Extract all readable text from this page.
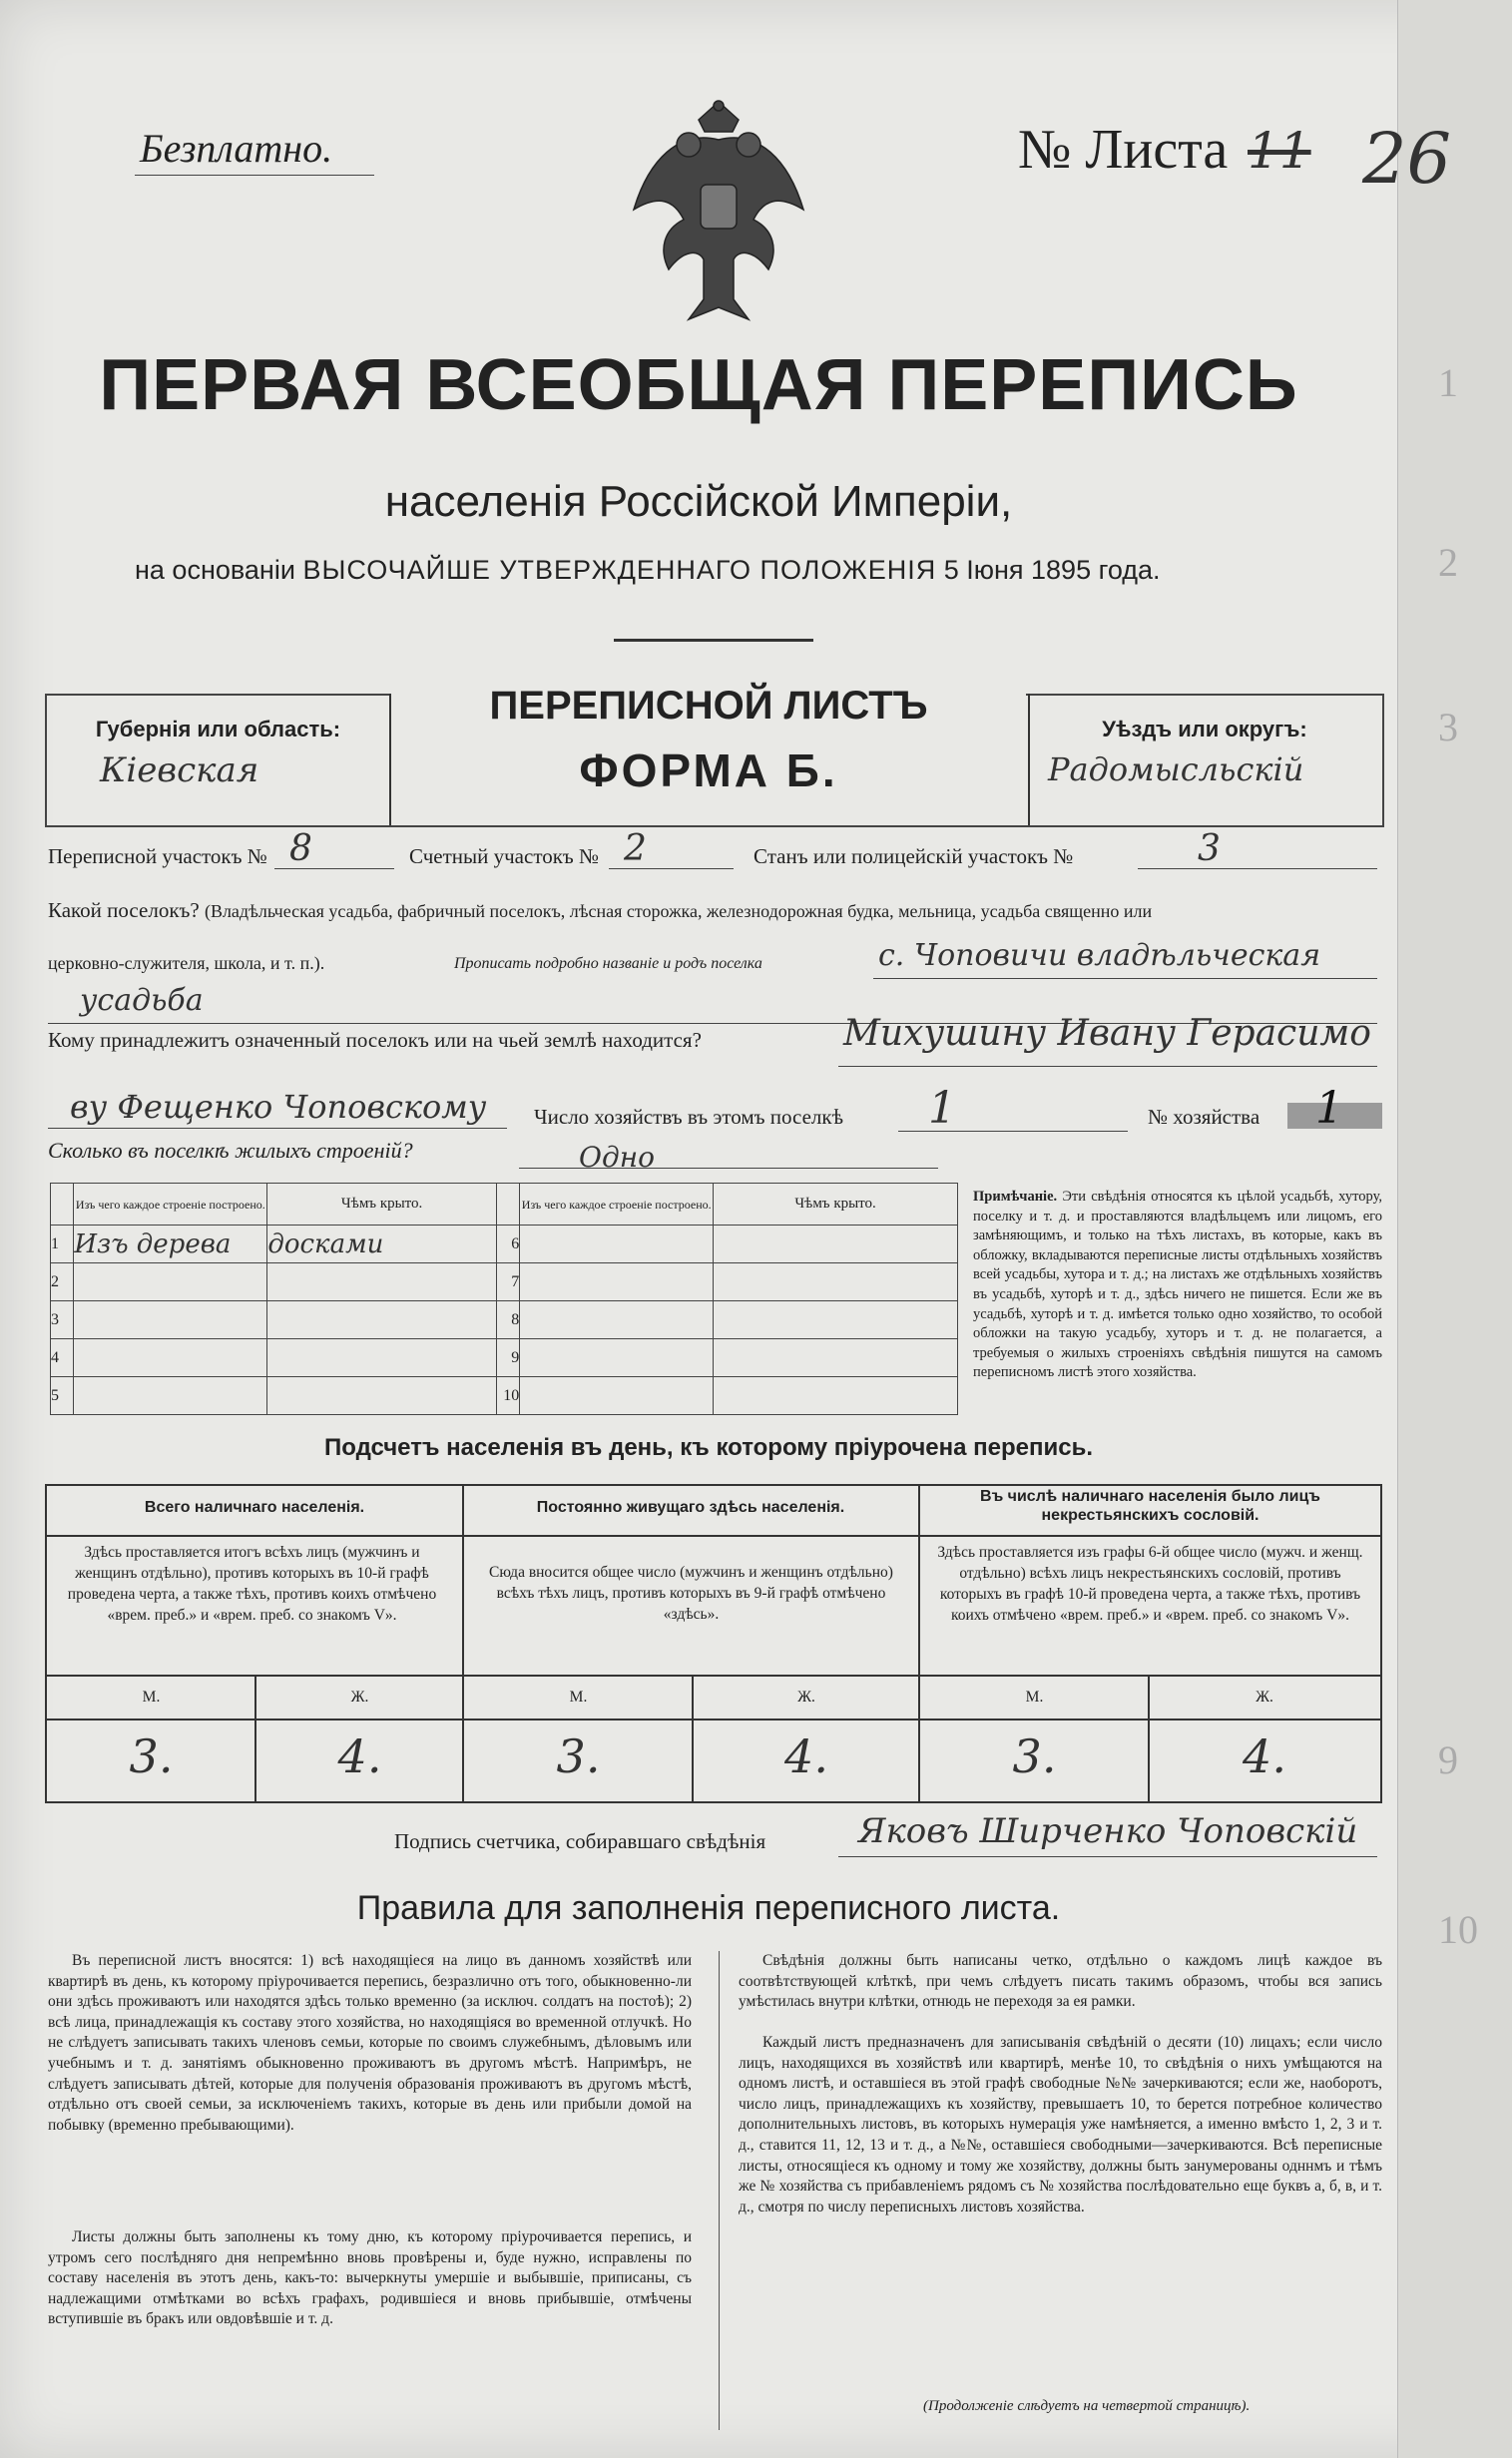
1
2
3
9
10
Безплатно.	№ Листа 11 26
ПЕРВАЯ ВСЕОБЩАЯ ПЕРЕПИСЬ
населенія Россійской Имперіи,
на основаніи ВЫСОЧАЙШЕ УТВЕРЖДЕННАГО ПОЛОЖЕНІЯ 5 Іюня 1895 года.
ПЕРЕПИСНОЙ ЛИСТЪ
ФОРМА Б.
Губернія или область:
Кіевская
Уѣздъ или округъ:
Радомысльскій
Переписной участокъ № 8	Счетный участокъ № 2	Станъ или полицейскій участокъ №	3
Какой поселокъ? (Владѣльческая усадьба, фабричный поселокъ, лѣсная сторожка, железнодорожная будка, мельница, усадьба священно или
церковно-служителя, школа, и т. п.).	Прописать подробно названіе и родъ поселка	с. Чоповичи владѣльческая
усадьба
Кому принадлежитъ означенный поселокъ или на чьей землѣ находится?	Михушину Ивану Герасимо
ву Фещенко Чоповскому Число хозяйствъ въ этомъ поселкѣ 1	№ хозяйства 1
Сколько въ поселкѣ жилыхъ строеній?	Одно
	Изъ чего каждое строеніе построено.	Чѣмъ крыто.		Изъ чего каждое строеніе построено.	Чѣмъ крыто.
1	Изъ дерева	досками	6		
2			7		
3			8		
4			9		
5			10		
Примѣчаніе. Эти свѣдѣнія относятся къ цѣлой усадьбѣ, хутору, поселку и т. д. и проставляются владѣльцемъ или лицомъ, его замѣняющимъ, и только на тѣхъ листахъ, въ которые, какъ въ обложку, вкладываются переписные листы отдѣльныхъ хозяйствъ всей усадьбы, хутора и т. д.; на листахъ же отдѣльныхъ хозяйствъ въ усадьбѣ, хуторѣ и т. д., здѣсь ничего не пишется. Если же въ усадьбѣ, хуторѣ и т. д. имѣется только одно хозяйство, то особой обложки на такую усадьбу, хуторъ и т. д. не полагается, а требуемыя о жилыхъ строеніяхъ свѣдѣнія пишутся на самомъ переписномъ листѣ этого хозяйства.
Подсчетъ населенія въ день, къ которому пріурочена перепись.
Всего наличнаго населенія.
Здѣсь проставляется итогъ всѣхъ лицъ (мужчинъ и женщинъ отдѣльно), противъ которыхъ въ 10-й графѣ проведена черта, а также тѣхъ, противъ коихъ отмѣчено «врем. преб.» и «врем. преб. со знакомъ V».
Постоянно живущаго здѣсь населенія.
Сюда вносится общее число (мужчинъ и женщинъ отдѣльно) всѣхъ тѣхъ лицъ, противъ которыхъ въ 9-й графѣ отмѣчено «здѣсь».
Въ числѣ наличнаго населенія было лицъ некрестьянскихъ сословій.
Здѣсь проставляется изъ графы 6-й общее число (мужч. и женщ. отдѣльно) всѣхъ лицъ некрестьянскихъ сословій, противъ которыхъ въ графѣ 10-й проведена черта, а также тѣхъ, противъ коихъ отмѣчено «врем. преб.» и «врем. преб. со знакомъ V».
М.	Ж.	М.	Ж.	М.	Ж.
3.	4.	3.	4.	3.	4.
Подпись счетчика, собиравшаго свѣдѣнія	Яковъ Ширченко Чоповскій
Правила для заполненія переписного листа.
Въ переписной листъ вносятся: 1) всѣ находящіеся на лицо въ данномъ хозяйствѣ или квартирѣ въ день, къ которому пріурочивается перепись, безразлично отъ того, обыкновенно-ли они здѣсь проживаютъ или находятся здѣсь только временно (за исключ. солдатъ на постоѣ); 2) всѣ лица, принадлежащія къ составу этого хозяйства, но находящіяся во временной отлучкѣ. Но не слѣдуетъ записывать такихъ членовъ семьи, которые по своимъ служебнымъ, дѣловымъ или учебнымъ и т. д. занятіямъ обыкновенно проживаютъ въ другомъ мѣстѣ. Напримѣръ, не слѣдуетъ записывать дѣтей, которые для полученія образованія проживаютъ въ другомъ мѣстѣ, отдѣльно отъ своей семьи, за исключеніемъ такихъ, которые въ день или прибыли домой на побывку (временно пребывающими).
Листы должны быть заполнены къ тому дню, къ которому пріурочивается перепись, и утромъ сего послѣдняго дня непремѣнно вновь провѣрены и, буде нужно, исправлены по составу населенія въ этотъ день, какъ-то: вычеркнуты умершіе и выбывшіе, приписаны, съ надлежащими отмѣтками во всѣхъ графахъ, родившіеся и вновь прибывшіе, отмѣчены вступившіе въ бракъ или овдовѣвшіе и т. д.
Свѣдѣнія должны быть написаны четко, отдѣльно о каждомъ лицѣ каждое въ соотвѣтствующей клѣткѣ, при чемъ слѣдуетъ писать такимъ образомъ, чтобы вся запись умѣстилась внутри клѣтки, отнюдь не переходя за ея рамки.
Каждый листъ предназначенъ для записыванія свѣдѣній о десяти (10) лицахъ; если число лицъ, находящихся въ хозяйствѣ или квартирѣ, менѣе 10, то свѣдѣнія о нихъ умѣщаются на одномъ листѣ, и оставшіеся въ этой графѣ свободные №№ зачеркиваются; если же, наоборотъ, число лицъ, принадлежащихъ къ хозяйству, превышаетъ 10, то берется потребное количество дополнительныхъ листовъ, въ которыхъ нумерація уже намѣняется, а именно вмѣсто 1, 2, 3 и т. д., ставится 11, 12, 13 и т. д., а №№, оставшіеся свободными—зачеркиваются. Всѣ переписные листы, относящіеся къ одному и тому же хозяйству, должны быть занумерованы одннмъ и тѣмъ же № хозяйства съ прибавленіемъ рядомъ съ № хозяйства послѣдовательно еще буквъ а, б, в, и т. д., смотря по числу переписныхъ листовъ хозяйства.
(Продолженіе слѣдуетъ на четвертой страницѣ).
